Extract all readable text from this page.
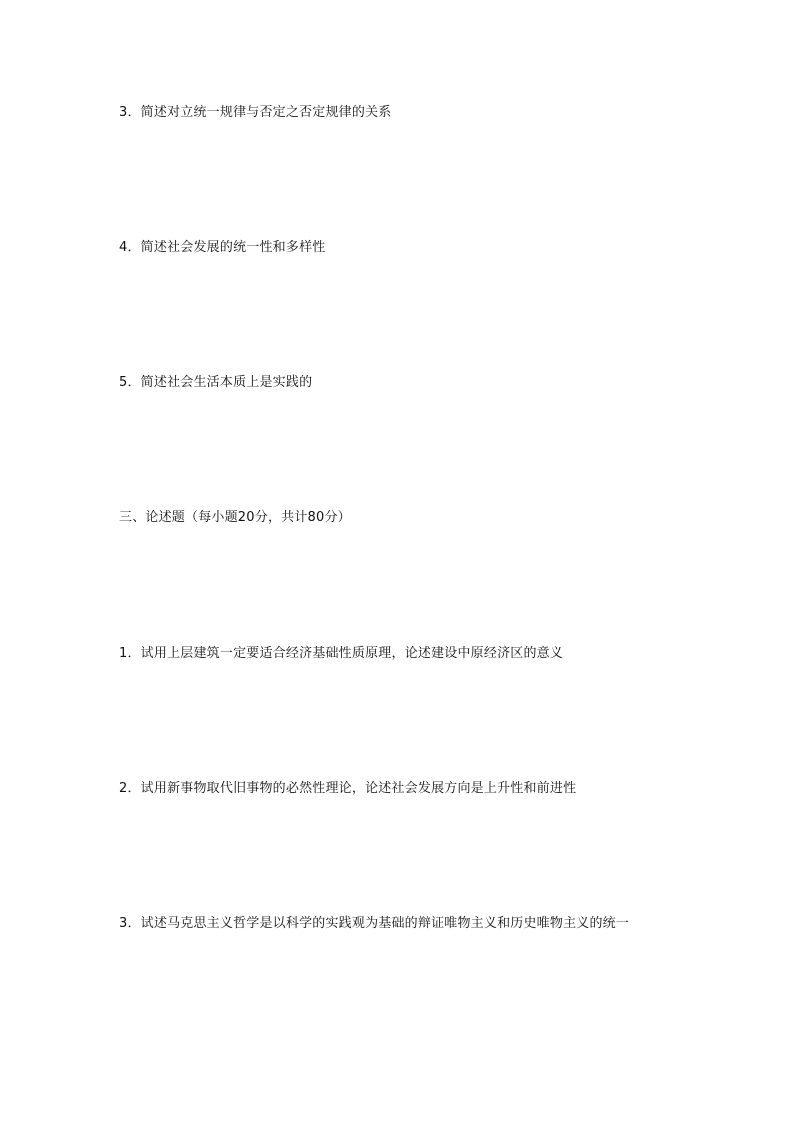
3．简述对立统一规律与否定之否定规律的关系
4．简述社会发展的统一性和多样性
5．简述社会生活本质上是实践的
三、论述题（每小题20分，共计80分）
1．试用上层建筑一定要适合经济基础性质原理，论述建设中原经济区的意义
2．试用新事物取代旧事物的必然性理论，论述社会发展方向是上升性和前进性
3．试述马克思主义哲学是以科学的实践观为基础的辩证唯物主义和历史唯物主义的统一
